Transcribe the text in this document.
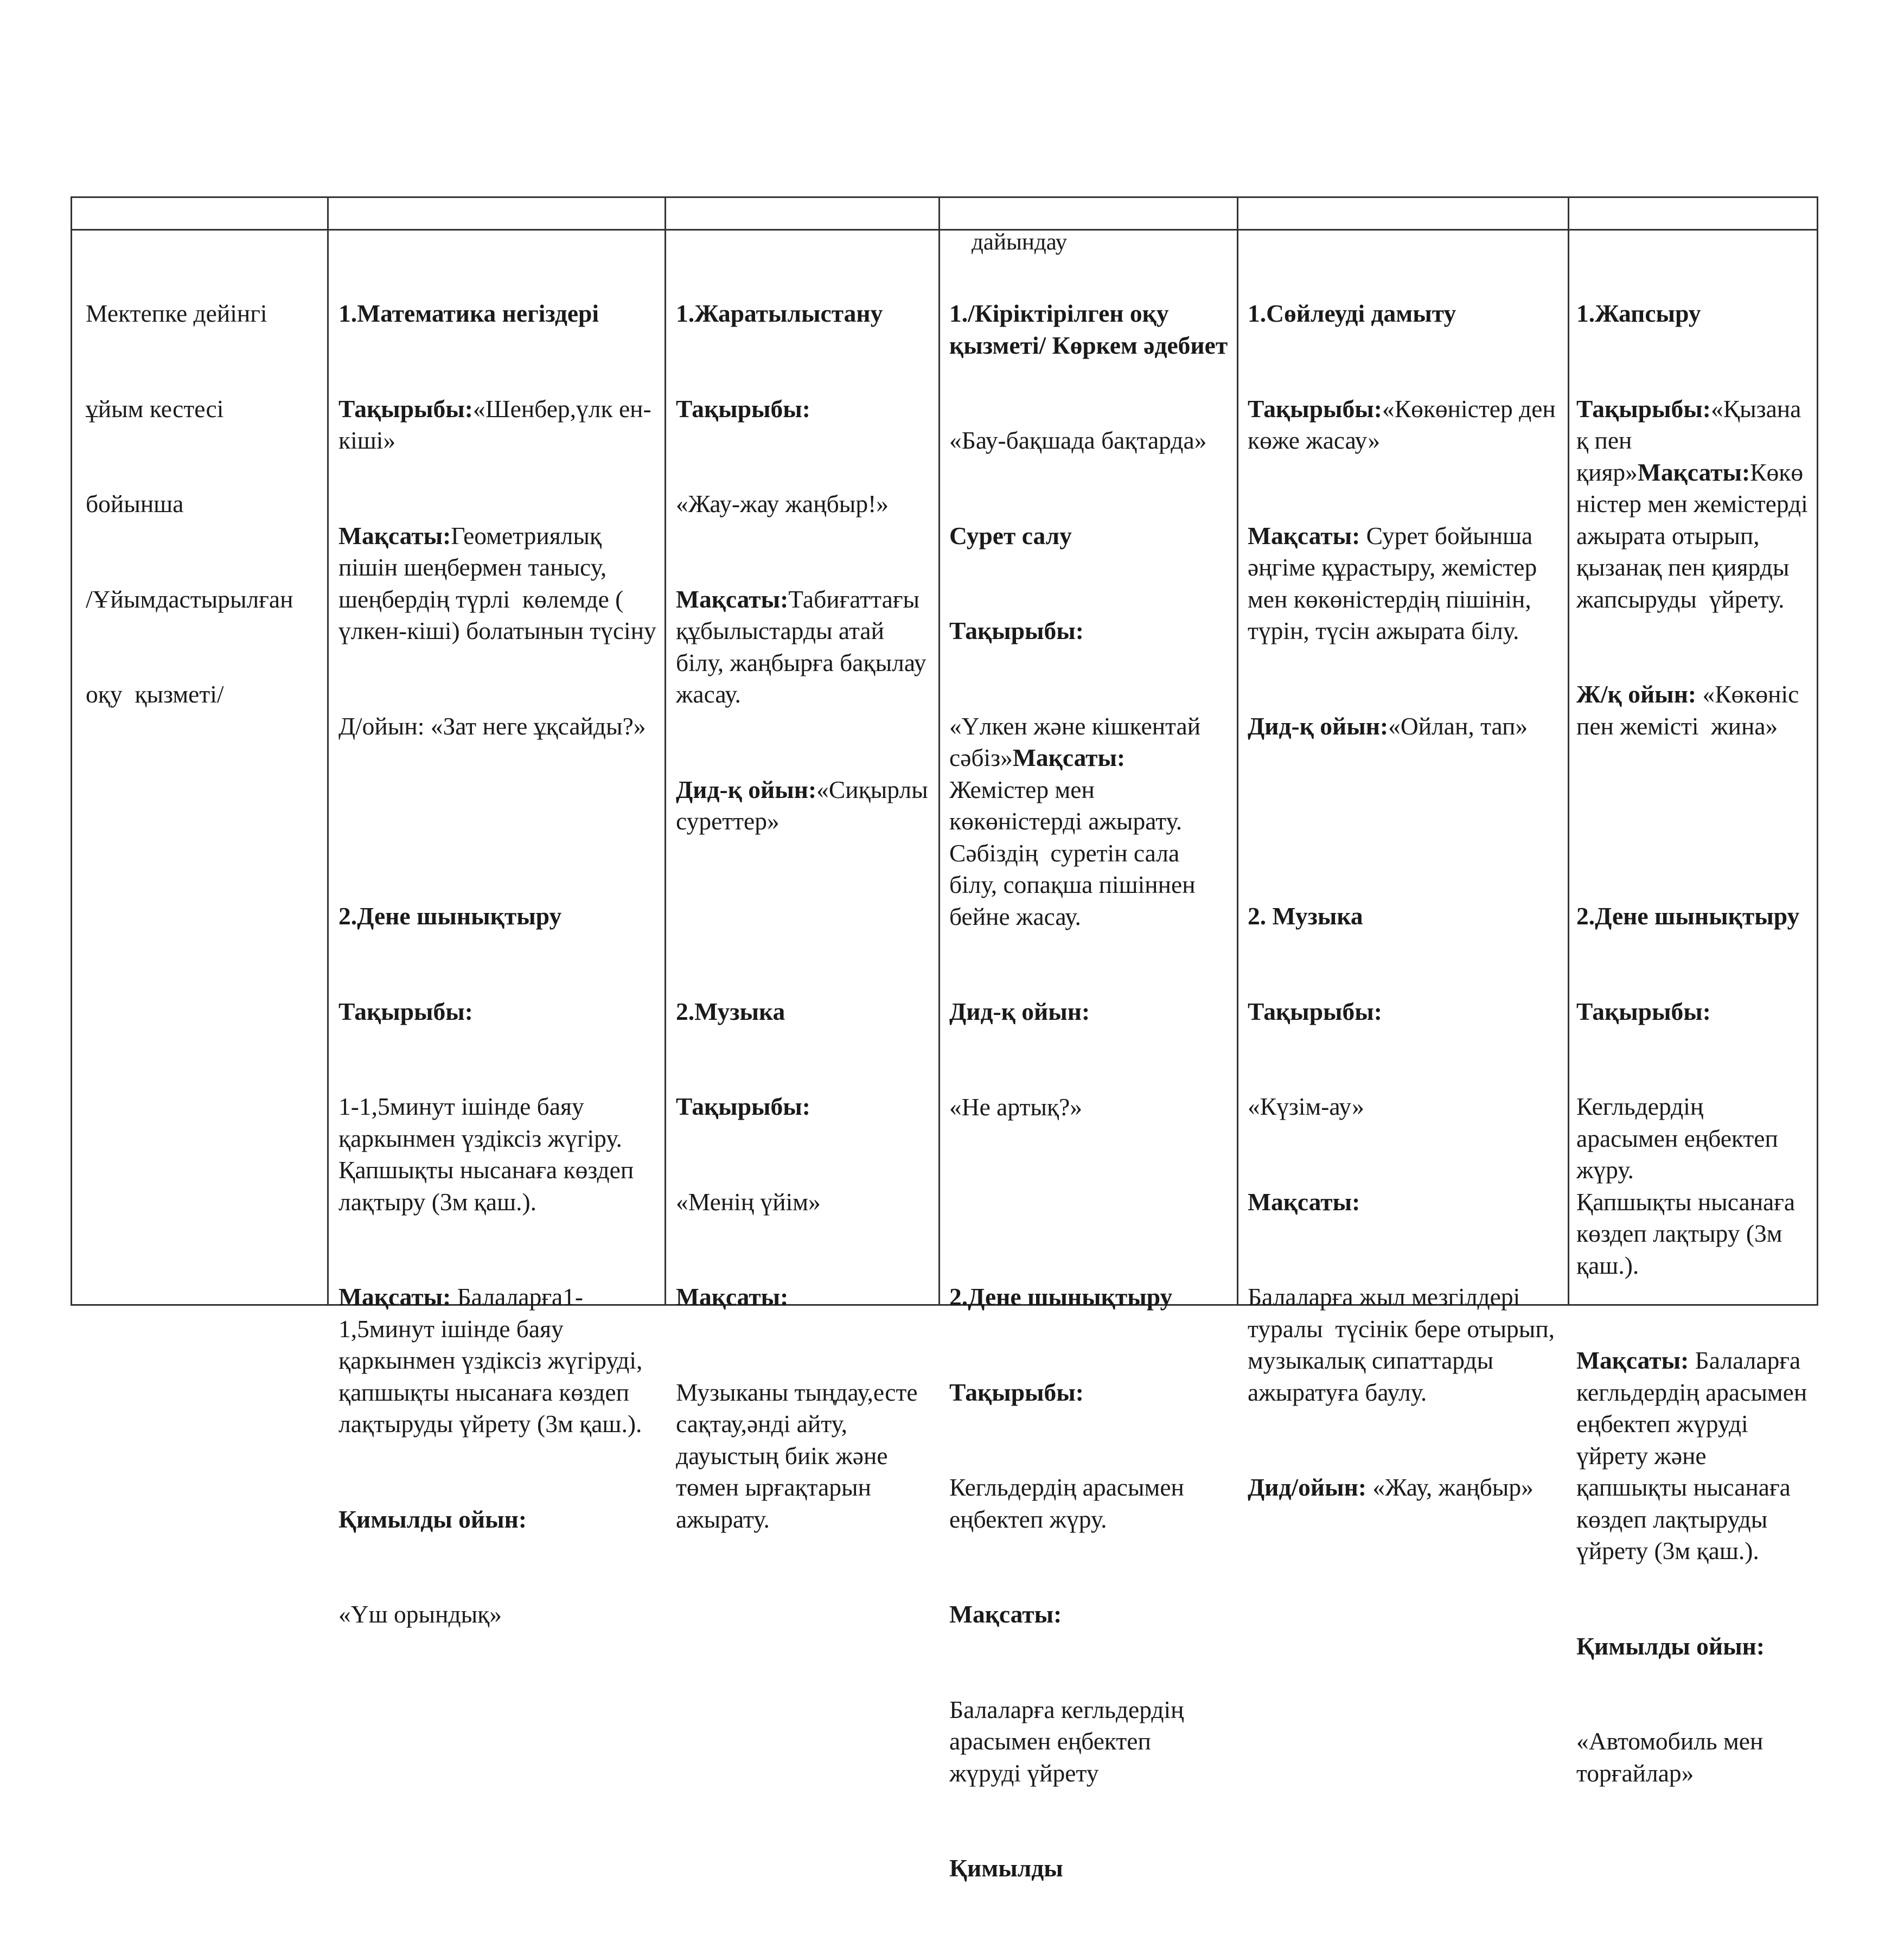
дайындау

Мектепке дейінгі

ұйым кестесі

бойынша

/Ұйымдастырылған

оқу  қызметі/

1.Математика негіздері

Тақырыбы:«Шенбер,үлк ен-кіші»

Мақсаты:Геометриялық пішін шеңбермен танысу, шеңбердің түрлі  көлемде ( үлкен-кіші) болатынын түсіну

Д/ойын: «Зат неге ұқсайды?»

2.Дене шынықтыру

Тақырыбы:

1-1,5минут ішінде баяу қаркынмен үздіксіз жүгіру.
Қапшықты нысанаға көздеп лақтыру (3м қаш.).

Мақсаты: Балаларға1-1,5минут ішінде баяу қаркынмен үздіксіз жүгіруді,
қапшықты нысанаға көздеп лақтыруды үйрету (3м қаш.).

Қимылды ойын:

«Үш орындық»

1.Жаратылыстану

Тақырыбы:

«Жау-жау жаңбыр!»

Мақсаты:Табиғаттағы құбылыстарды атай білу, жаңбырға бақылау  жасау.

Дид-қ ойын:«Сиқырлы суреттер»

2.Музыка

Тақырыбы:

«Менің үйім»

Мақсаты:

Музыканы тыңдау,есте сақтау,әнді айту, дауыстың биік және төмен ырғақтарын ажырату.

1./Кіріктірілген оқу қызметі/ Көркем әдебиет

«Бау-бақшада бақтарда»

Сурет салу

Тақырыбы:

«Үлкен және кішкентай сәбіз»Мақсаты: Жемістер мен көкөністерді ажырату. Сәбіздің  суретін сала білу, сопақша пішіннен бейне жасау.

Дид-қ ойын:

«Не артық?»

2.Дене шынықтыру

Тақырыбы:

Кегльдердің арасымен еңбектеп жүру.

Мақсаты:

Балаларға кегльдердің арасымен еңбектеп жүруді үйрету

Қимылды

1.Сөйлеуді дамыту

Тақырыбы:«Көкөністер ден көже жасау»

Мақсаты: Сурет бойынша  әңгіме құрастыру, жемістер мен көкөністердің пішінін, түрін, түсін ажырата білу.

Дид-қ ойын:«Ойлан, тап»

2. Музыка

Тақырыбы:

«Күзім-ау»

Мақсаты:

Балаларға жыл мезгілдері туралы  түсінік бере отырып, музыкалық сипаттарды  ажыратуға баулу.

Дид/ойын: «Жау, жаңбыр»

1.Жапсыру

Тақырыбы:«Қызанақ пен қияр»Мақсаты:Көкөністер мен жемістерді ажырата отырып, қызанақ пен қиярды жапсыруды  үйрету.

Ж/қ ойын: «Көкөніс пен жемісті  жина»

2.Дене шынықтыру

Тақырыбы:

Кегльдердің арасымен еңбектеп жүру.
Қапшықты нысанаға көздеп лақтыру (3м қаш.).

Мақсаты: Балаларға кегльдердің арасымен еңбектеп жүруді үйрету және қапшықты нысанаға көздеп лақтыруды үйрету (3м қаш.).

Қимылды ойын:

«Автомобиль мен торғайлар»
